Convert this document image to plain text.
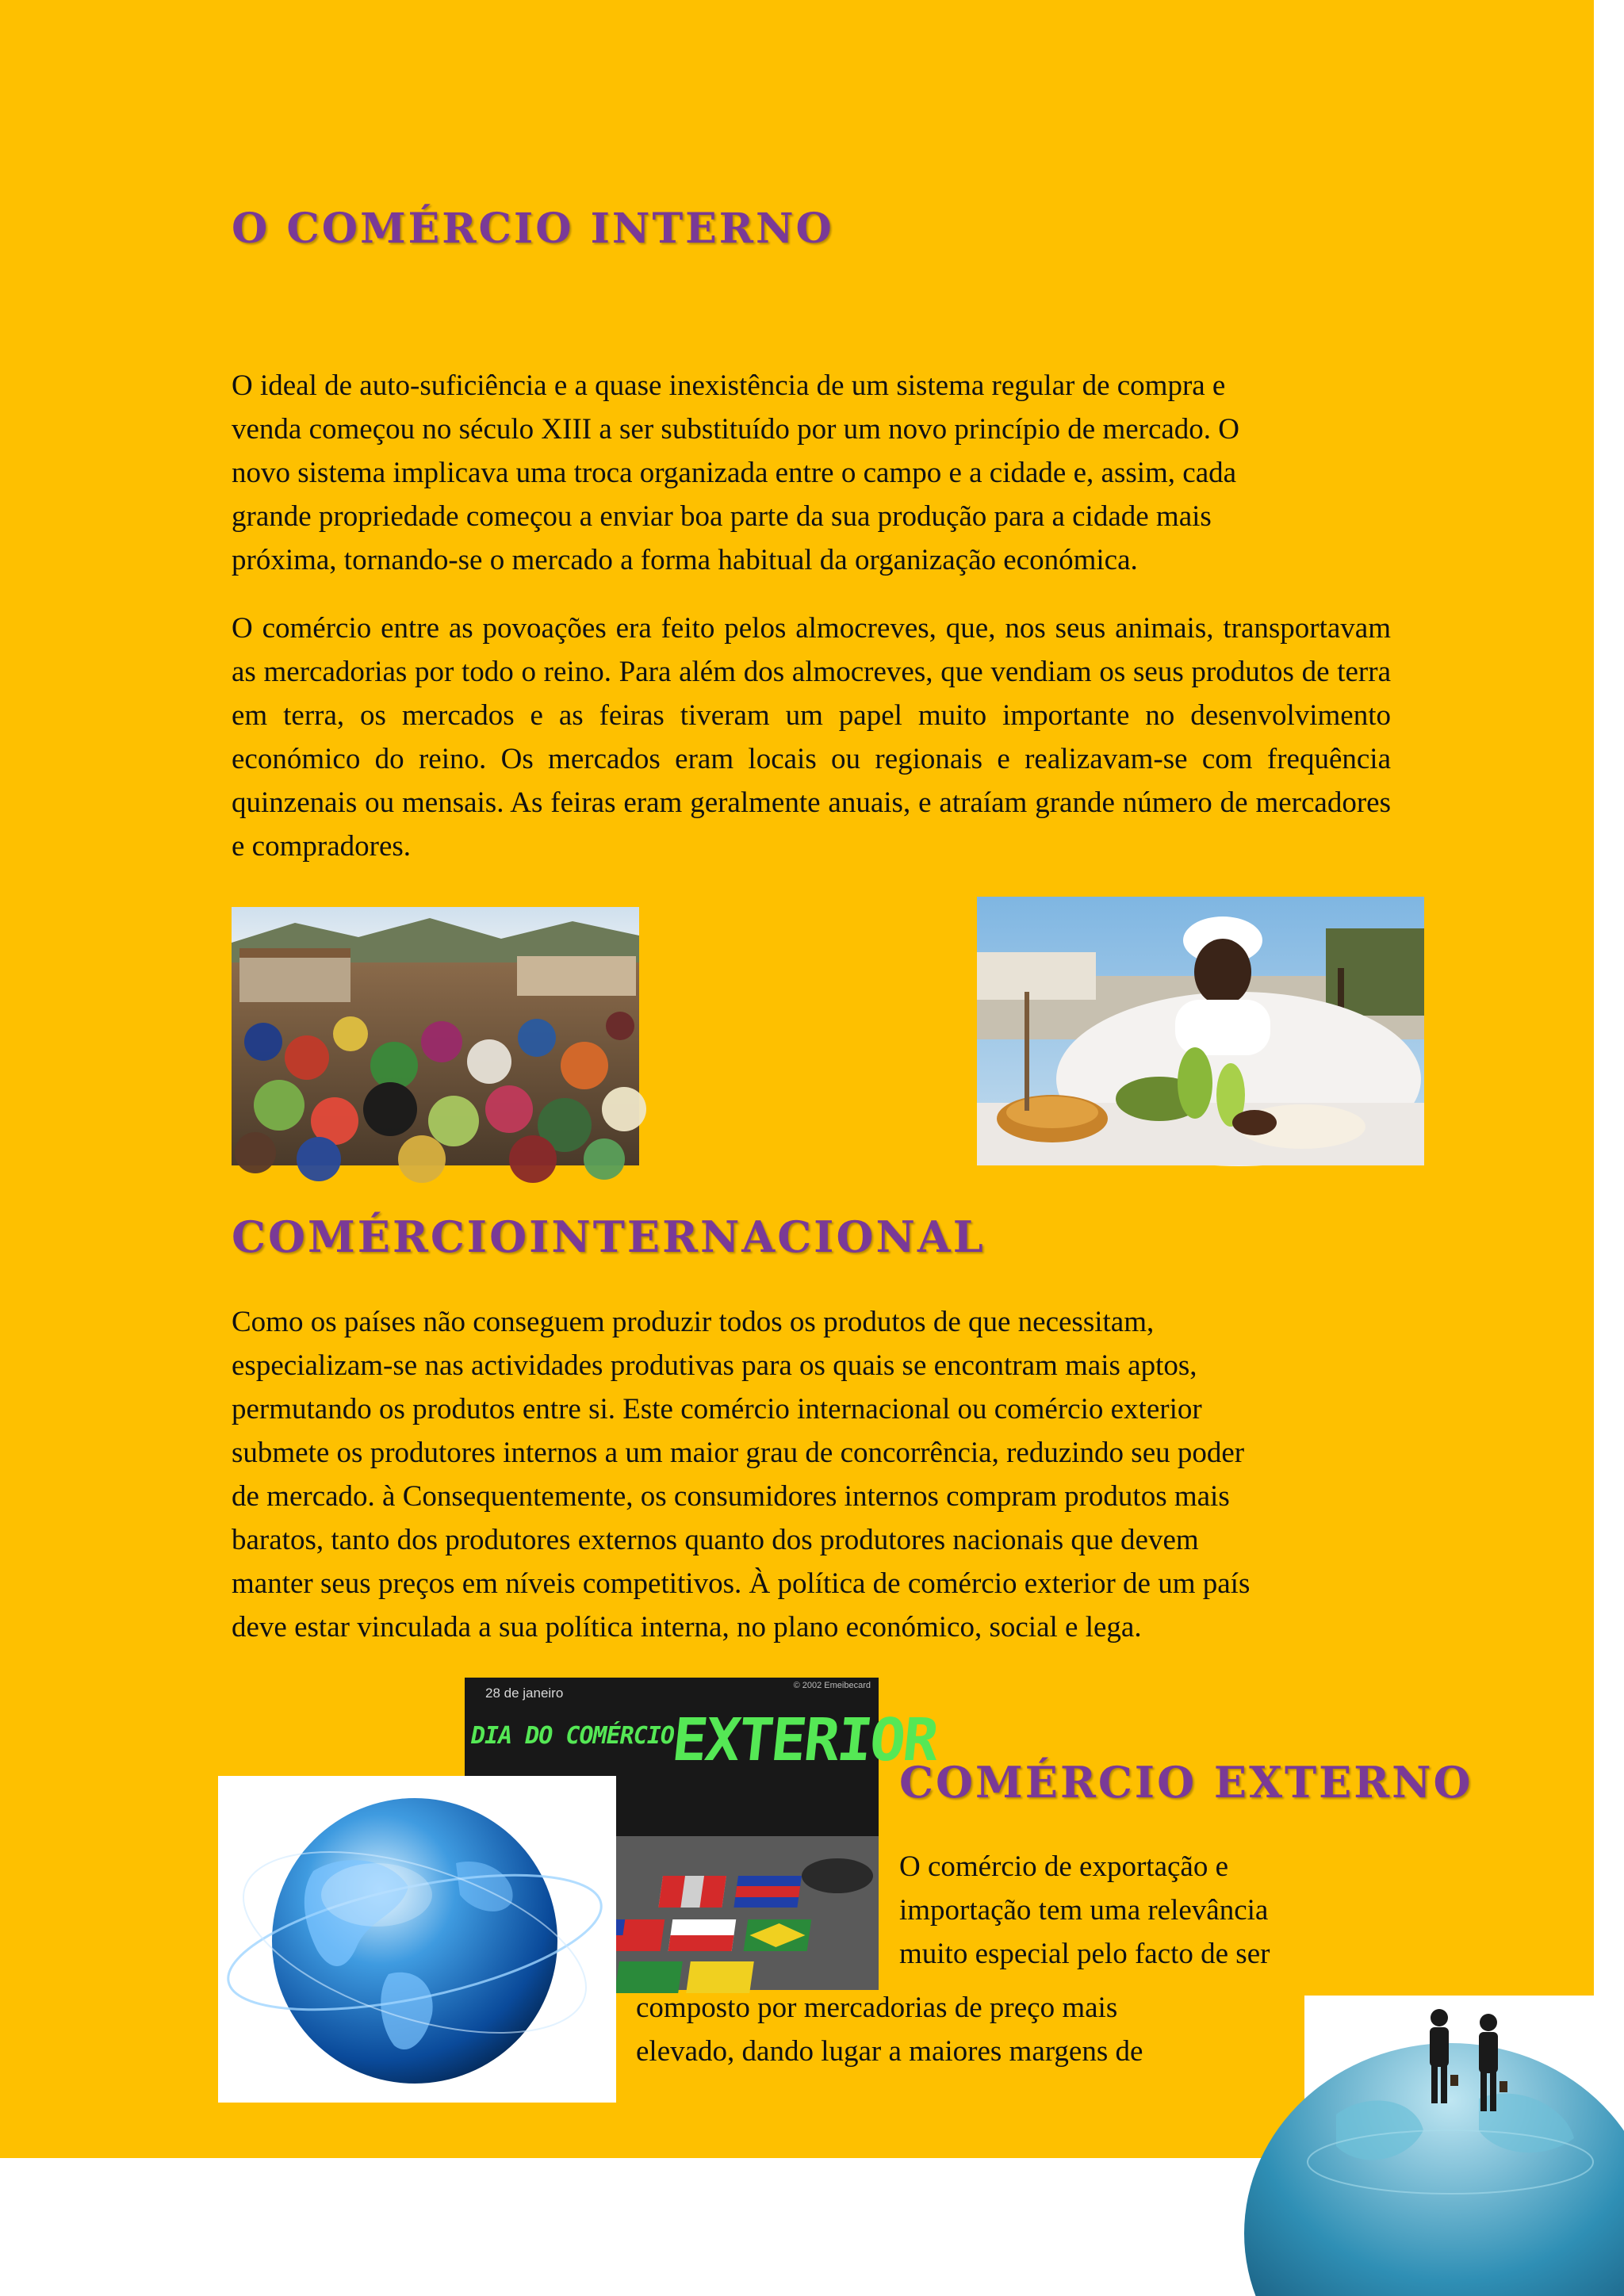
O COMÉRCIO INTERNO
O ideal de auto-suficiência e a quase inexistência de um sistema regular de compra e
venda começou no século XIII a ser substituído por um novo princípio de mercado. O
novo sistema implicava uma troca organizada entre o campo e a cidade e, assim, cada
grande propriedade começou a enviar boa parte da sua produção para a cidade mais
próxima, tornando-se o mercado a forma habitual da organização económica.

O comércio entre as povoações era feito pelos almocreves, que, nos seus animais, transportavam as mercadorias por todo o reino. Para além dos almocreves, que vendiam os seus produtos de terra em terra, os mercados e as feiras tiveram um papel muito importante no desenvolvimento económico do reino. Os mercados eram locais ou regionais e realizavam-se com frequência quinzenais ou mensais. As feiras eram geralmente anuais, e atraíam grande número de mercadores e compradores.

COMÉRCIOINTERNACIONAL
Como os países não conseguem produzir todos os produtos de que necessitam,
especializam-se nas actividades produtivas para os quais se encontram mais aptos,
permutando os produtos entre si. Este comércio internacional ou comércio exterior
submete os produtores internos a um maior grau de concorrência, reduzindo seu poder
de mercado. à Consequentemente, os consumidores internos compram produtos mais
baratos, tanto dos produtores externos quanto dos produtores nacionais que devem
manter seus preços em níveis competitivos. À política de comércio exterior de um país
deve estar vinculada a sua política interna, no plano económico, social e lega.
28 de janeiro	© 2002 Emeibecard
DIA DO COMÉRCIO
EXTERIOR
COMÉRCIO EXTERNO
O comércio de exportação e
importação tem uma relevância
muito especial pelo facto de ser
composto por mercadorias de preço mais
elevado, dando lugar a maiores margens de
